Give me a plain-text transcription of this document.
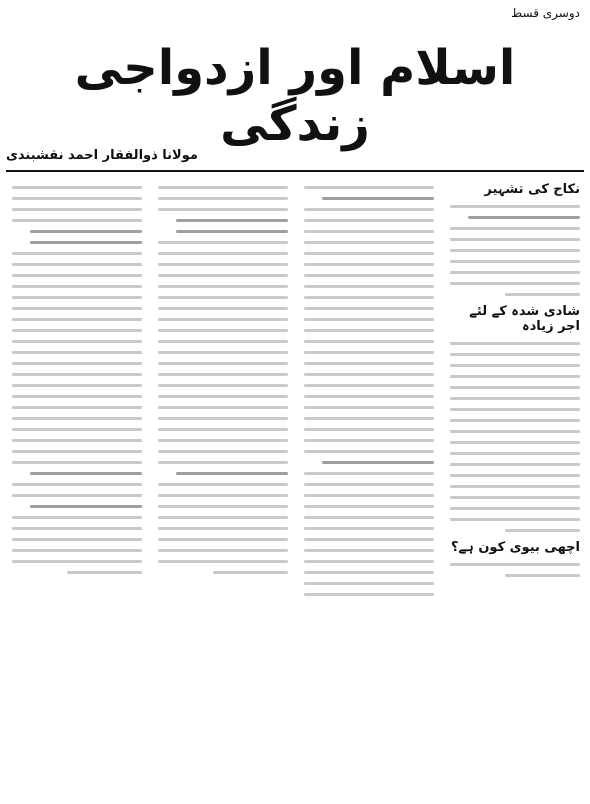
دوسری قسط
اسلام اور ازدواجی زندگی
مولانا ذوالفقار احمد نقشبندی
نکاح کی تشہیر
شادی شدہ کے لئے اجر زیادہ
اچھی بیوی کون ہے؟
